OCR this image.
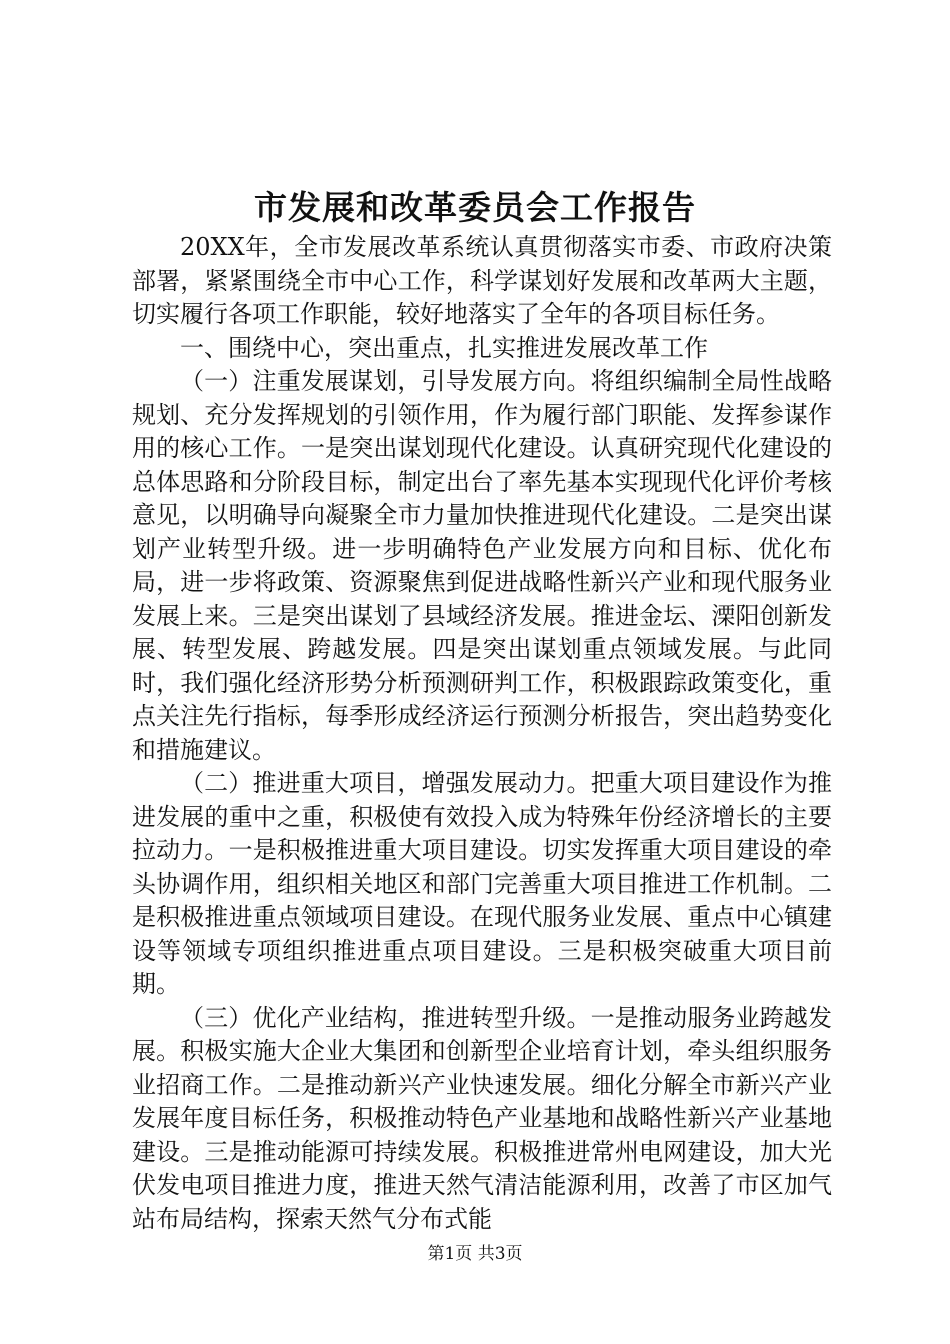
市发展和改革委员会工作报告

20XX年，全市发展改革系统认真贯彻落实市委、市政府决策部署，紧紧围绕全市中心工作，科学谋划好发展和改革两大主题，切实履行各项工作职能，较好地落实了全年的各项目标任务。

一、围绕中心，突出重点，扎实推进发展改革工作

（一）注重发展谋划，引导发展方向。将组织编制全局性战略规划、充分发挥规划的引领作用，作为履行部门职能、发挥参谋作用的核心工作。一是突出谋划现代化建设。认真研究现代化建设的总体思路和分阶段目标，制定出台了率先基本实现现代化评价考核意见，以明确导向凝聚全市力量加快推进现代化建设。二是突出谋划产业转型升级。进一步明确特色产业发展方向和目标、优化布局，进一步将政策、资源聚焦到促进战略性新兴产业和现代服务业发展上来。三是突出谋划了县域经济发展。推进金坛、溧阳创新发展、转型发展、跨越发展。四是突出谋划重点领域发展。与此同时，我们强化经济形势分析预测研判工作，积极跟踪政策变化，重点关注先行指标，每季形成经济运行预测分析报告，突出趋势变化和措施建议。

（二）推进重大项目，增强发展动力。把重大项目建设作为推进发展的重中之重，积极使有效投入成为特殊年份经济增长的主要拉动力。一是积极推进重大项目建设。切实发挥重大项目建设的牵头协调作用，组织相关地区和部门完善重大项目推进工作机制。二是积极推进重点领域项目建设。在现代服务业发展、重点中心镇建设等领域专项组织推进重点项目建设。三是积极突破重大项目前期。

（三）优化产业结构，推进转型升级。一是推动服务业跨越发展。积极实施大企业大集团和创新型企业培育计划，牵头组织服务业招商工作。二是推动新兴产业快速发展。细化分解全市新兴产业发展年度目标任务，积极推动特色产业基地和战略性新兴产业基地建设。三是推动能源可持续发展。积极推进常州电网建设，加大光伏发电项目推进力度，推进天然气清洁能源利用，改善了市区加气站布局结构，探索天然气分布式能

第1页 共3页
